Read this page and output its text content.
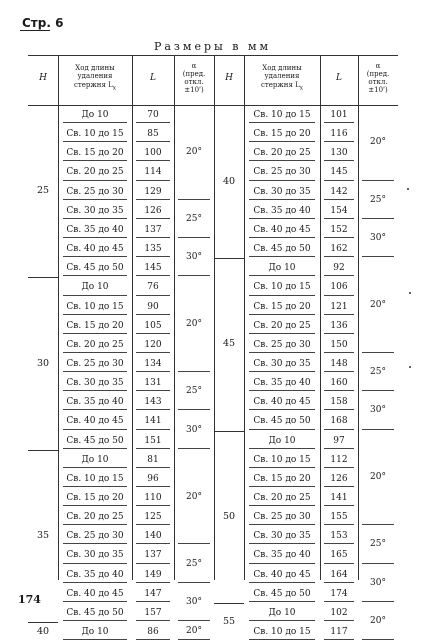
Стр. 6
Размеры в мм
H
Ход длины удаления
стержня $L_x$
L
α
(пред.
откл.
±10')
H
Ход длины удаления
стержня $L_x$
L
α
(пред.
откл.
±10')
25
До 10	70
Св. 10 до 15	85
Св. 15 до 20	100
Св. 20 до 25	114
Св. 25 до 30	129
Св. 30 до 35	126
Св. 35 до 40	137
Св. 40 до 45	135
Св. 45 до 50	145
20°
25°
30°
30
До 10	76
Св. 10 до 15	90
Св. 15 до 20	105
Св. 20 до 25	120
Св. 25 до 30	134
Св. 30 до 35	131
Св. 35 до 40	143
Св. 40 до 45	141
Св. 45 до 50	151
20°
25°
30°
35
До 10	81
Св. 10 до 15	96
Св. 15 до 20	110
Св. 20 до 25	125
Св. 25 до 30	140
Св. 30 до 35	137
Св. 35 до 40	149
Св. 40 до 45	147
Св. 45 до 50	157
20°
25°
30°
40	До 10	86	20°
40
Св. 10 до 15	101
Св. 15 до 20	116
Св. 20 до 25	130
Св. 25 до 30	145
Св. 30 до 35	142
Св. 35 до 40	154
Св. 40 до 45	152
Св. 45 до 50	162
20°
25°
30°
45
До 10	92
Св. 10 до 15	106
Св. 15 до 20	121
Св. 20 до 25	136
Св. 25 до 30	150
Св. 30 до 35	148
Св. 35 до 40	160
Св. 40 до 45	158
Св. 45 до 50	168
20°
25°
30°
50
До 10	97
Св. 10 до 15	112
Св. 15 до 20	126
Св. 20 до 25	141
Св. 25 до 30	155
Св. 30 до 35	153
Св. 35 до 40	165
Св. 40 до 45	164
Св. 45 до 50	174
20°
25°
30°
55
До 10	102
Св. 10 до 15	117
20°
174
